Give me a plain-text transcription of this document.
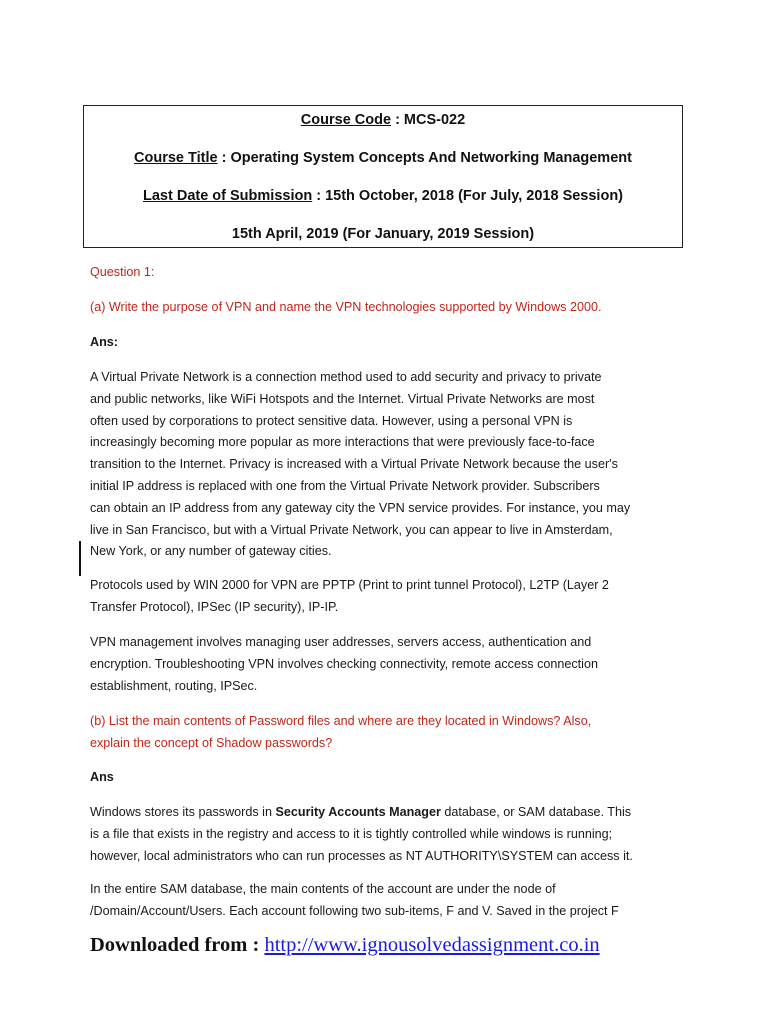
Course Code : MCS-022
Course Title : Operating System Concepts And Networking Management
Last Date of Submission : 15th October, 2018 (For July, 2018 Session)
15th April, 2019 (For January, 2019 Session)
Question 1:
(a) Write the purpose of VPN and name the VPN technologies supported by Windows 2000.
Ans:
A Virtual Private Network is a connection method used to add security and privacy to private
and public networks, like WiFi Hotspots and the Internet. Virtual Private Networks are most
often used by corporations to protect sensitive data. However, using a personal VPN is
increasingly becoming more popular as more interactions that were previously face-to-face
transition to the Internet. Privacy is increased with a Virtual Private Network because the user's
initial IP address is replaced with one from the Virtual Private Network provider. Subscribers
can obtain an IP address from any gateway city the VPN service provides. For instance, you may
live in San Francisco, but with a Virtual Private Network, you can appear to live in Amsterdam,
New York, or any number of gateway cities.
Protocols used by WIN 2000 for VPN are PPTP (Print to print tunnel Protocol), L2TP (Layer 2
Transfer Protocol), IPSec (IP security), IP-IP.
VPN management involves managing user addresses, servers access, authentication and
encryption. Troubleshooting VPN involves checking connectivity, remote access connection
establishment, routing, IPSec.
(b) List the main contents of Password files and where are they located in Windows? Also,
explain the concept of Shadow passwords?
Ans
Windows stores its passwords in Security Accounts Manager database, or SAM database. This
is a file that exists in the registry and access to it is tightly controlled while windows is running;
however, local administrators who can run processes as NT AUTHORITY\SYSTEM can access it.
In the entire SAM database, the main contents of the account are under the node of
/Domain/Account/Users. Each account following two sub-items, F and V. Saved in the project F
Downloaded from : http://www.ignousolvedassignment.co.in
